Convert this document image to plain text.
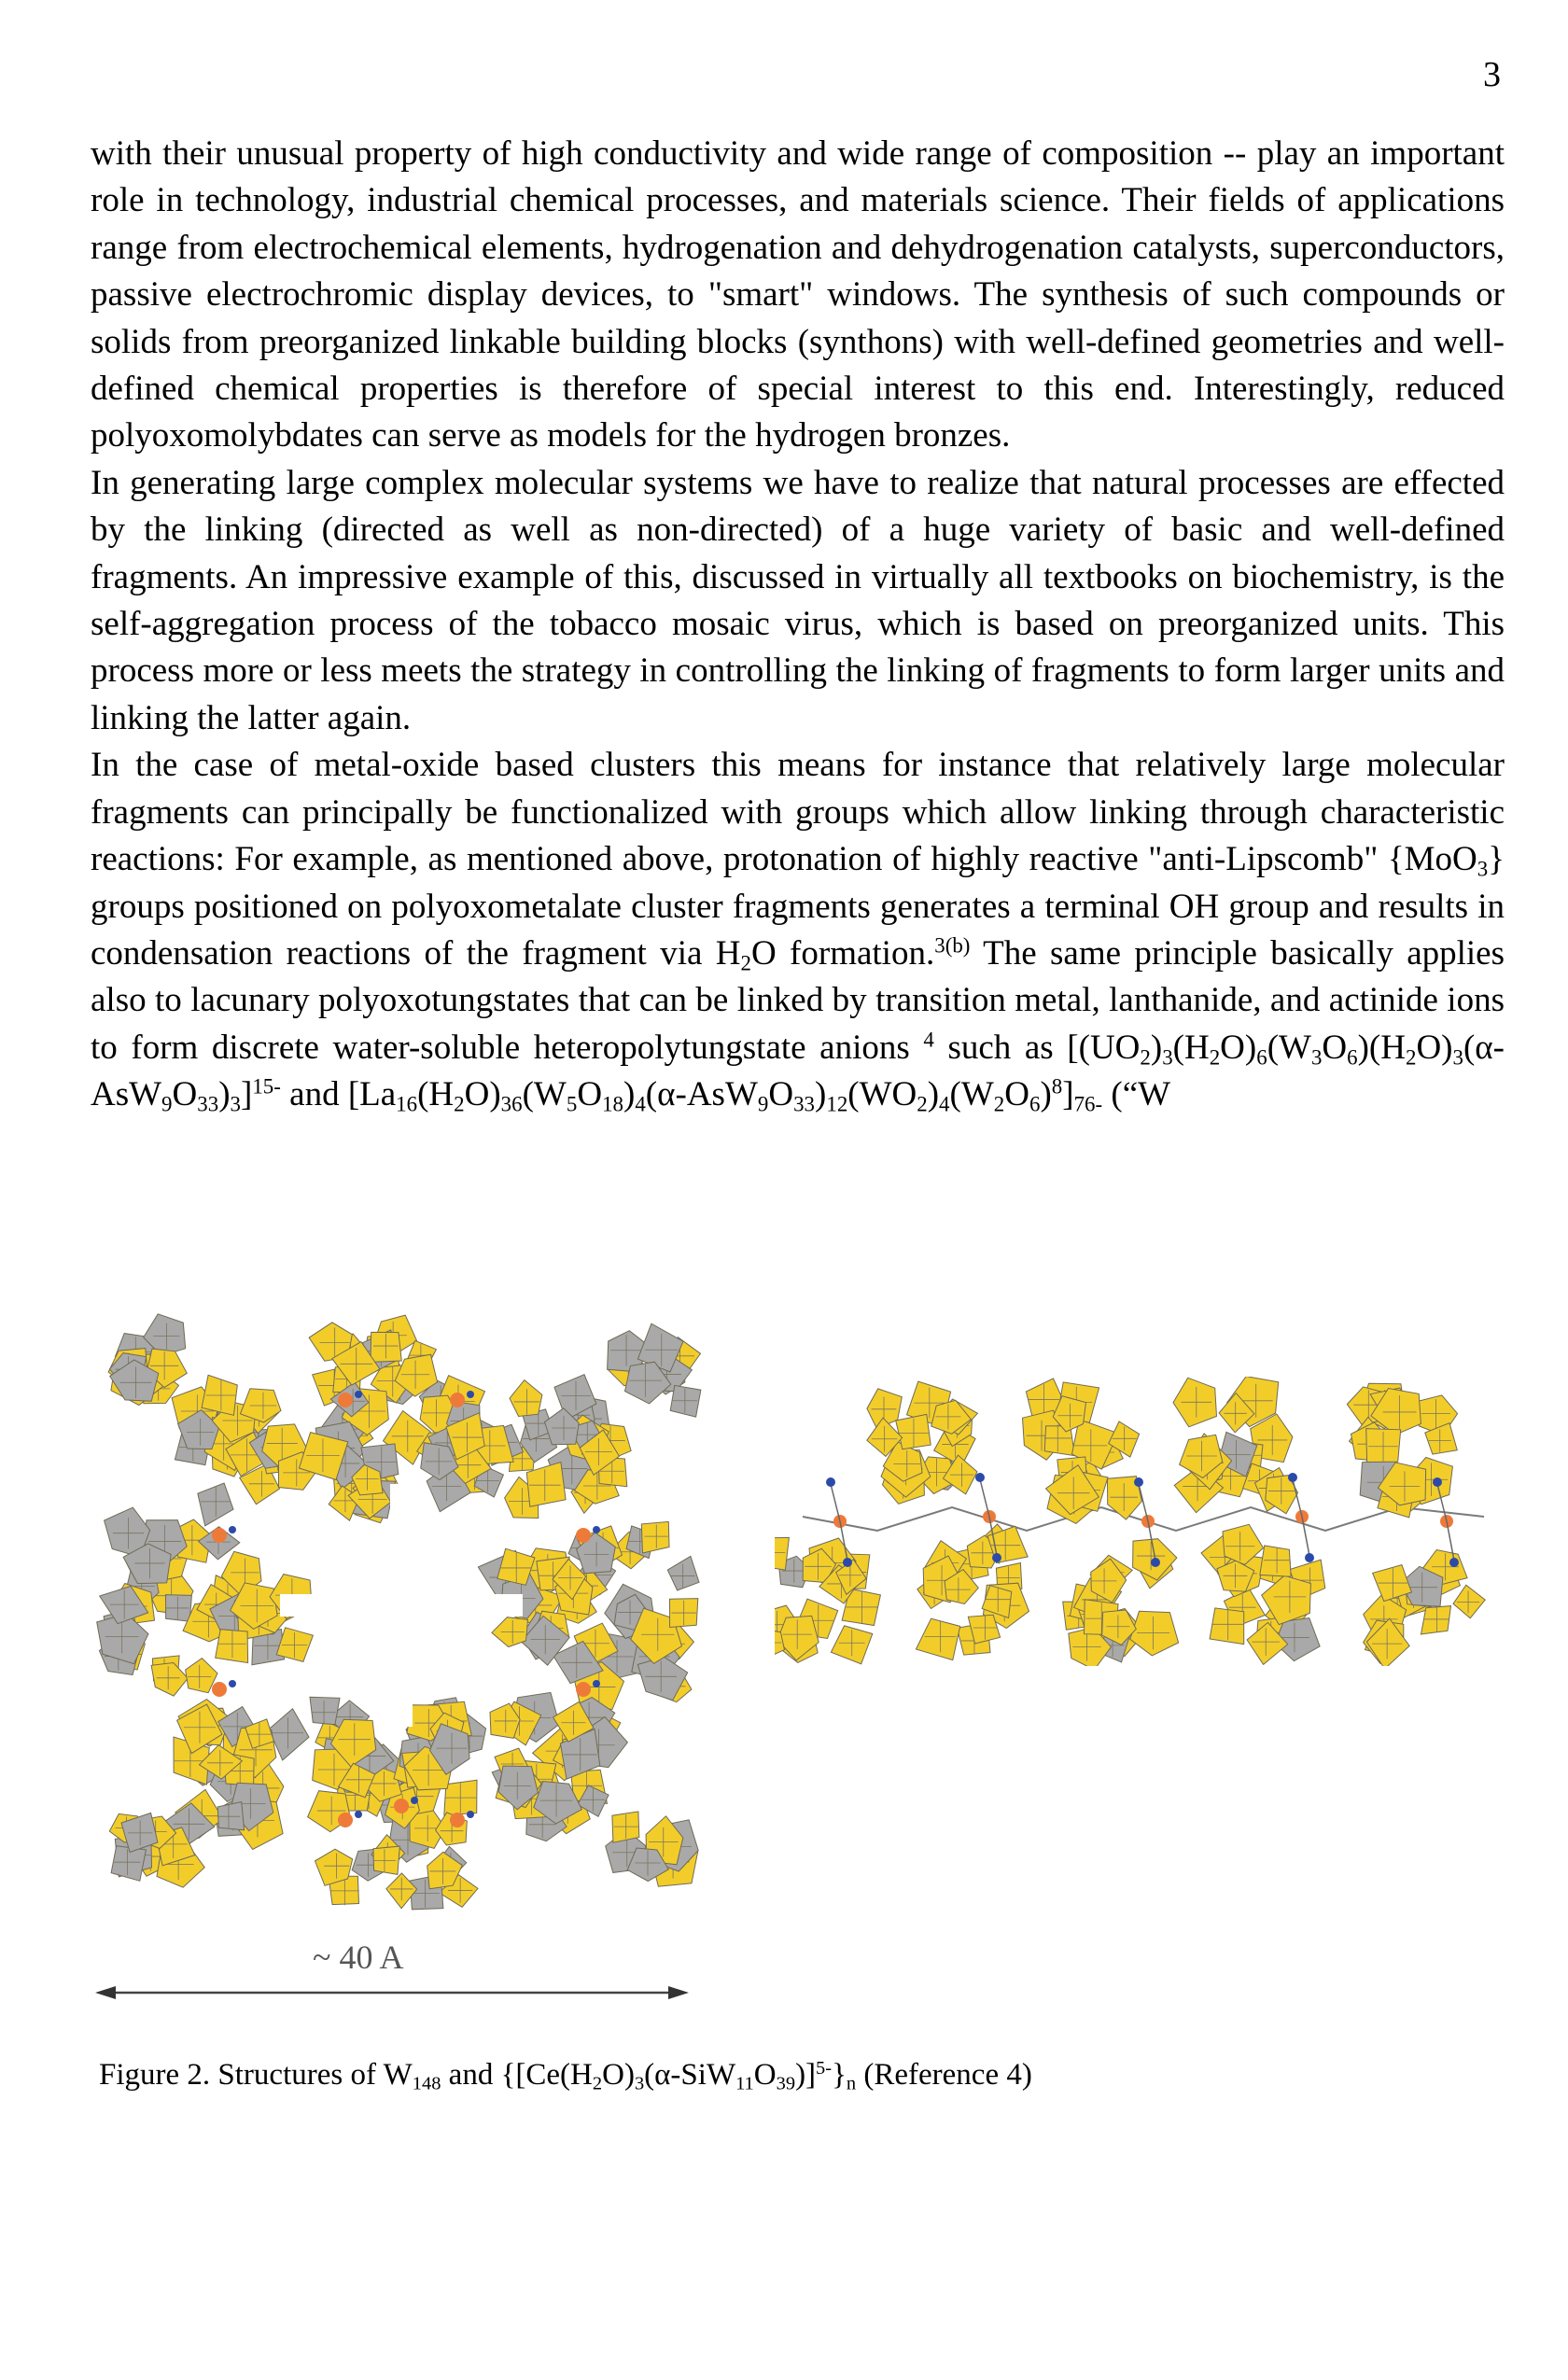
3

with their unusual property of high conductivity and wide range of composition -- play an important role in technology, industrial chemical processes, and materials science. Their fields of applications range from electrochemical elements, hydrogenation and dehydrogenation catalysts, superconductors, passive electrochromic display devices, to "smart" windows. The synthesis of such compounds or solids from preorganized linkable building blocks (synthons) with well-defined geometries and well-defined chemical properties is therefore of special interest to this end. Interestingly, reduced polyoxomolybdates can serve as models for the hydrogen bronzes.

In generating large complex molecular systems we have to realize that natural processes are effected by the linking (directed as well as non-directed) of a huge variety of basic and well-defined fragments. An impressive example of this, discussed in virtually all textbooks on biochemistry, is the self-aggregation process of the tobacco mosaic virus, which is based on preorganized units. This process more or less meets the strategy in controlling the linking of fragments to form larger units and linking the latter again.

In the case of metal-oxide based clusters this means for instance that relatively large molecular fragments can principally be functionalized with groups which allow linking through characteristic reactions: For example, as mentioned above, protonation of highly reactive "anti-Lipscomb" {MoO$_3$} groups positioned on polyoxometalate cluster fragments generates a terminal OH group and results in condensation reactions of the fragment via $H_2O$ formation.$^{3(b)}$ The same principle basically applies also to lacunary polyoxotungstates that can be linked by transition metal, lanthanide, and actinide ions to form discrete water-soluble heteropolytungstate anions $^4$ such as $[(UO_2)_3(H_2O)_6(W_3O_6)(H_2O)_3(\alpha-AsW_9O_{33})_3]^{15-}$ and $[La_{16}(H_2O)_{36}(W_5O_{18})_4(\alpha-AsW_9O_{33})_{12}(WO_2)_4(W_2O_6)^8]_{76-}$ (“W

~ 40 A
Figure 2. Structures of $W_{148}$ and $\{[Ce(H_2O)_3(\alpha-SiW_{11}O_{39})]^{5-}\}_n$ (Reference 4)
